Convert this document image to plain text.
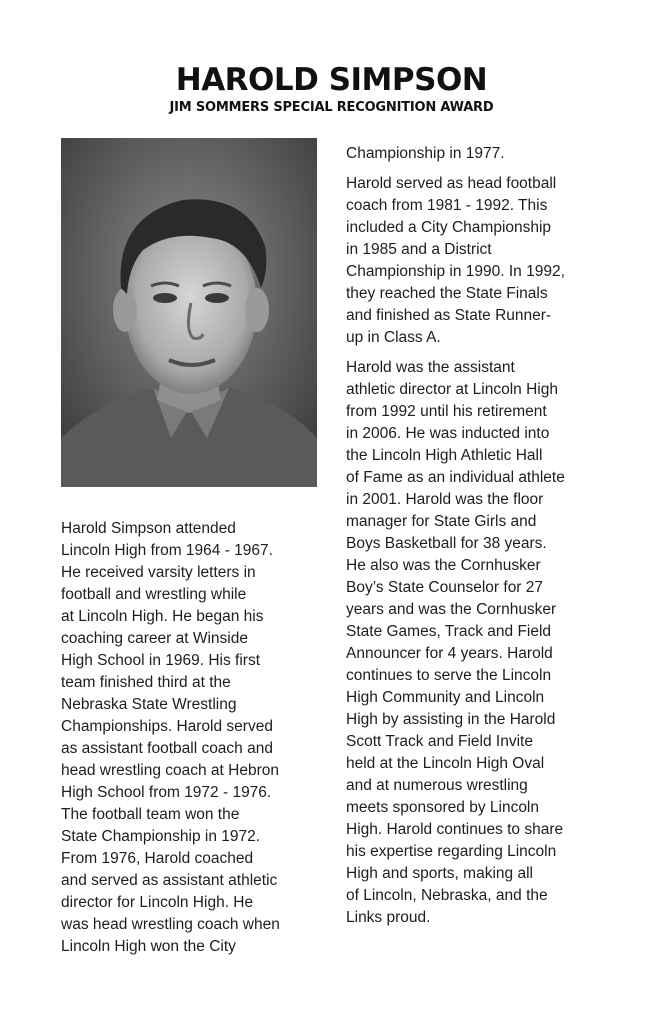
HAROLD SIMPSON
JIM SOMMERS SPECIAL RECOGNITION AWARD

Harold Simpson attended
Lincoln High from 1964 - 1967.
He received varsity letters in
football and wrestling while
at Lincoln High. He began his
coaching career at Winside
High School in 1969. His first
team finished third at the
Nebraska State Wrestling
Championships. Harold served
as assistant football coach and
head wrestling coach at Hebron
High School from 1972 - 1976.
The football team won the
State Championship in 1972.
From 1976, Harold coached
and served as assistant athletic
director for Lincoln High. He
was head wrestling coach when
Lincoln High won the City

Championship in 1977.

Harold served as head football
coach from 1981 - 1992. This
included a City Championship
in 1985 and a District
Championship in 1990. In 1992,
they reached the State Finals
and finished as State Runner-
up in Class A.

Harold was the assistant
athletic director at Lincoln High
from 1992 until his retirement
in 2006. He was inducted into
the Lincoln High Athletic Hall
of Fame as an individual athlete
in 2001. Harold was the floor
manager for State Girls and
Boys Basketball for 38 years.
He also was the Cornhusker
Boy’s State Counselor for 27
years and was the Cornhusker
State Games, Track and Field
Announcer for 4 years. Harold
continues to serve the Lincoln
High Community and Lincoln
High by assisting in the Harold
Scott Track and Field Invite
held at the Lincoln High Oval
and at numerous wrestling
meets sponsored by Lincoln
High. Harold continues to share
his expertise regarding Lincoln
High and sports, making all
of Lincoln, Nebraska, and the
Links proud.
